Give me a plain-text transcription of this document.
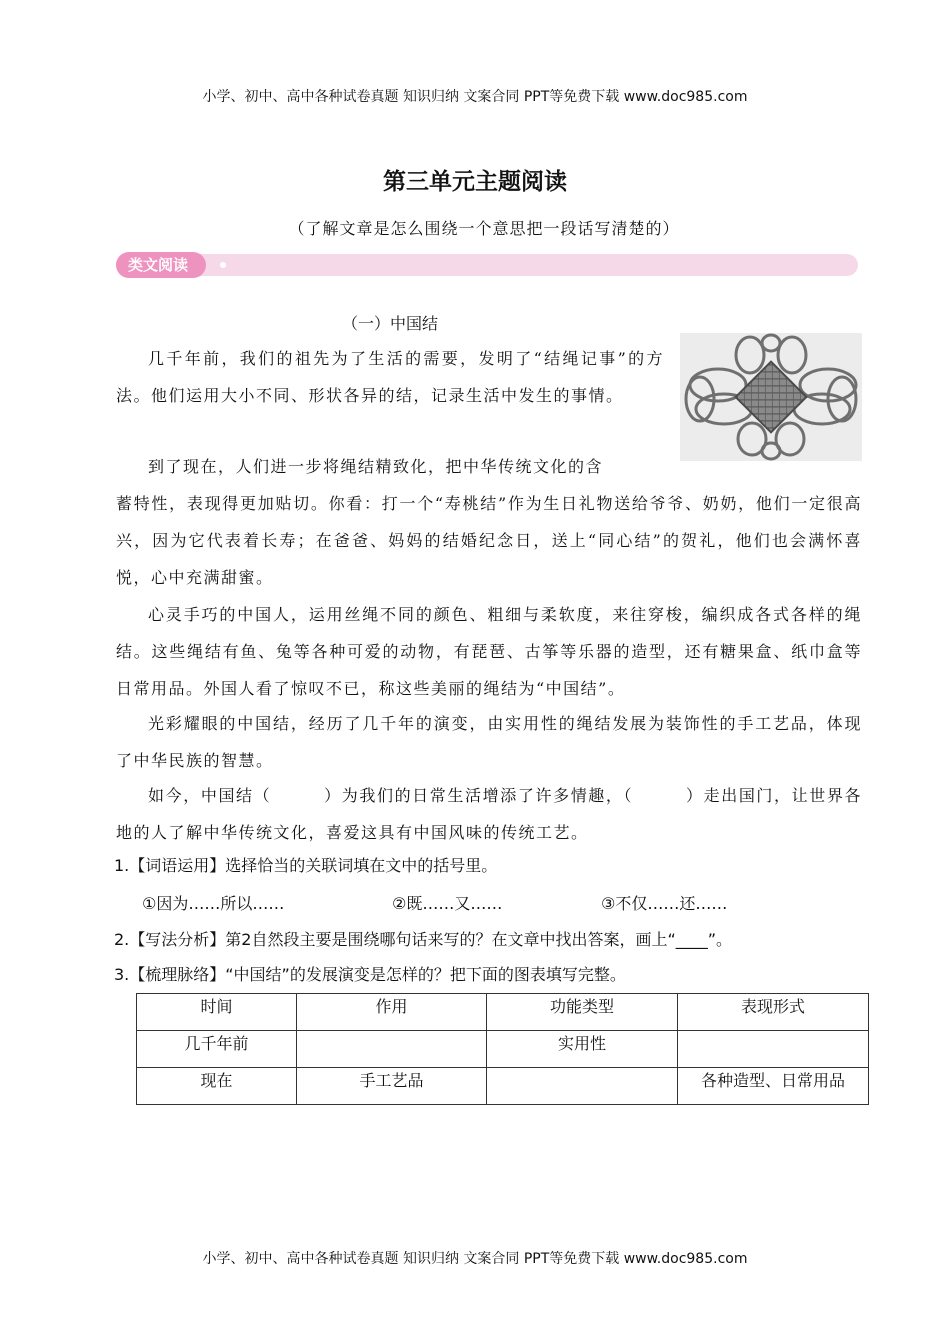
小学、初中、高中各种试卷真题 知识归纳 文案合同 PPT等免费下载 www.doc985.com
第三单元主题阅读
（了解文章是怎么围绕一个意思把一段话写清楚的）
类文阅读
（一）中国结

几千年前，我们的祖先为了生活的需要，发明了“结绳记事”的方法。他们运用大小不同、形状各异的结，记录生活中发生的事情。

到了现在，人们进一步将绳结精致化，把中华传统文化的含

蓄特性，表现得更加贴切。你看：打一个“寿桃结”作为生日礼物送给爷爷、奶奶，他们一定很高兴，因为它代表着长寿；在爸爸、妈妈的结婚纪念日，送上“同心结”的贺礼，他们也会满怀喜悦，心中充满甜蜜。

心灵手巧的中国人，运用丝绳不同的颜色、粗细与柔软度，来往穿梭，编织成各式各样的绳结。这些绳结有鱼、兔等各种可爱的动物，有琵琶、古筝等乐器的造型，还有糖果盒、纸巾盒等日常用品。外国人看了惊叹不已，称这些美丽的绳结为“中国结”。

光彩耀眼的中国结，经历了几千年的演变，由实用性的绳结发展为装饰性的手工艺品，体现了中华民族的智慧。

如今，中国结（　　　）为我们的日常生活增添了许多情趣，（　　　）走出国门，让世界各地的人了解中华传统文化，喜爱这具有中国风味的传统工艺。

1.【词语运用】选择恰当的关联词填在文中的括号里。
①因为……所以……	②既……又……	③不仅……还……
2.【写法分析】第2自然段主要是围绕哪句话来写的？在文章中找出答案，画上“____”。
3.【梳理脉络】“中国结”的发展演变是怎样的？把下面的图表填写完整。
时间	作用	功能类型	表现形式
几千年前		实用性	
现在	手工艺品		各种造型、日常用品
小学、初中、高中各种试卷真题 知识归纳 文案合同 PPT等免费下载 www.doc985.com
